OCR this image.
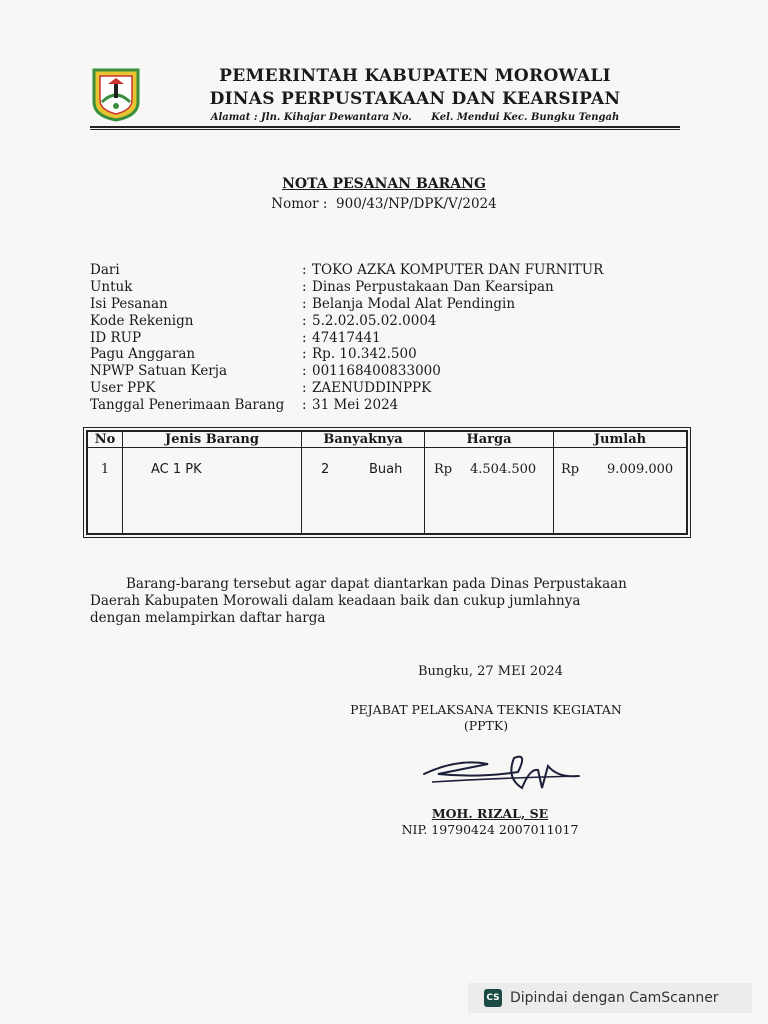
PEMERINTAH KABUPATEN MOROWALI
DINAS PERPUSTAKAAN DAN KEARSIPAN
Alamat : Jln. Kihajar Dewantara No. Kel. Mendui Kec. Bungku Tengah
NOTA PESANAN BARANG
Nomor : 900/43/NP/DPK/V/2024
Dari	: TOKO AZKA KOMPUTER DAN FURNITUR
Untuk	: Dinas Perpustakaan Dan Kearsipan
Isi Pesanan	: Belanja Modal Alat Pendingin
Kode Rekenign	: 5.2.02.05.02.0004
ID RUP	: 47417441
Pagu Anggaran	: Rp. 10.342.500
NPWP Satuan Kerja	: 001168400833000
User PPK	: ZAENUDDINPPK
Tanggal Penerimaan Barang : 31 Mei 2024
No	Jenis Barang	Banyaknya	Harga	Jumlah
1	AC 1 PK	2 Buah	Rp 4.504.500	Rp 9.009.000
Barang-barang tersebut agar dapat diantarkan pada Dinas Perpustakaan
Daerah Kabupaten Morowali dalam keadaan baik dan cukup jumlahnya
dengan melampirkan daftar harga
Bungku, 27 MEI 2024
PEJABAT PELAKSANA TEKNIS KEGIATAN
(PPTK)
MOH. RIZAL, SE
NIP. 19790424 2007011017
CS Dipindai dengan CamScanner
